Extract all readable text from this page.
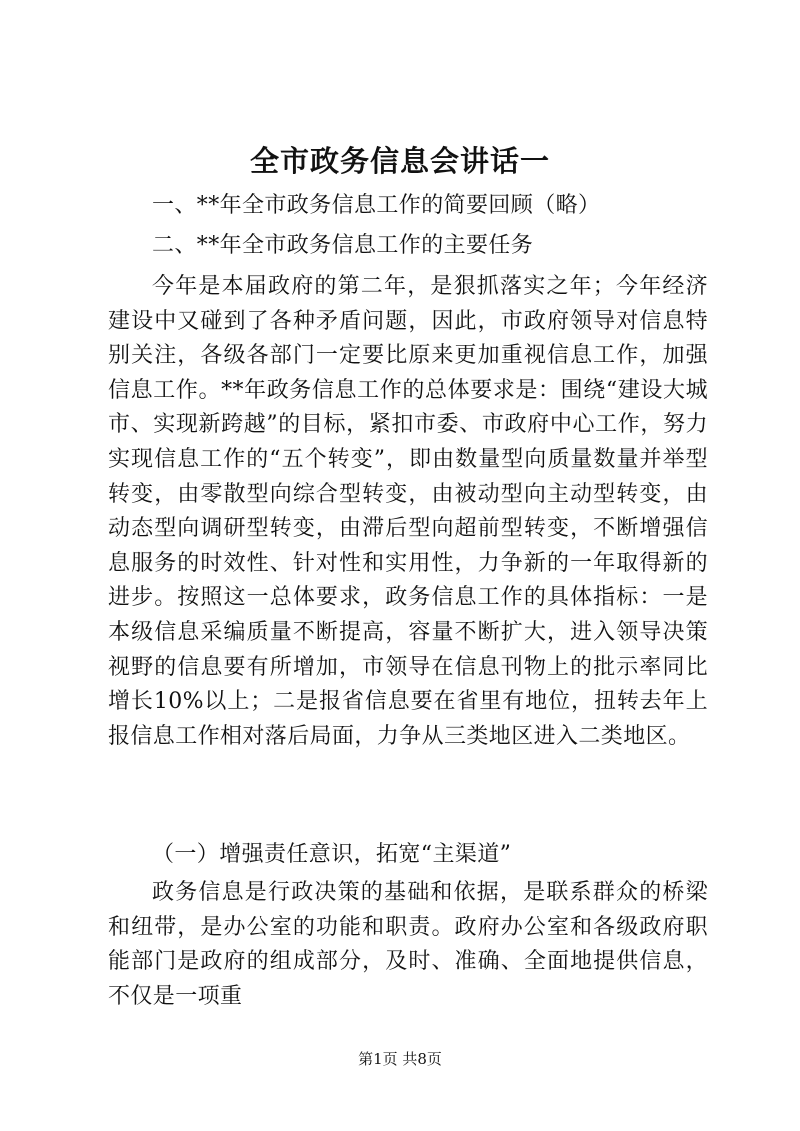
全市政务信息会讲话一

一、**年全市政务信息工作的简要回顾（略）

二、**年全市政务信息工作的主要任务

今年是本届政府的第二年，是狠抓落实之年；今年经济建设中又碰到了各种矛盾问题，因此，市政府领导对信息特别关注，各级各部门一定要比原来更加重视信息工作，加强信息工作。**年政务信息工作的总体要求是：围绕“建设大城市、实现新跨越”的目标，紧扣市委、市政府中心工作，努力实现信息工作的“五个转变”，即由数量型向质量数量并举型转变，由零散型向综合型转变，由被动型向主动型转变，由动态型向调研型转变，由滞后型向超前型转变，不断增强信息服务的时效性、针对性和实用性，力争新的一年取得新的进步。按照这一总体要求，政务信息工作的具体指标：一是本级信息采编质量不断提高，容量不断扩大，进入领导决策视野的信息要有所增加，市领导在信息刊物上的批示率同比增长10%以上；二是报省信息要在省里有地位，扭转去年上报信息工作相对落后局面，力争从三类地区进入二类地区。

（一）增强责任意识，拓宽“主渠道”

政务信息是行政决策的基础和依据，是联系群众的桥梁和纽带，是办公室的功能和职责。政府办公室和各级政府职能部门是政府的组成部分，及时、准确、全面地提供信息，不仅是一项重

第1页 共8页
